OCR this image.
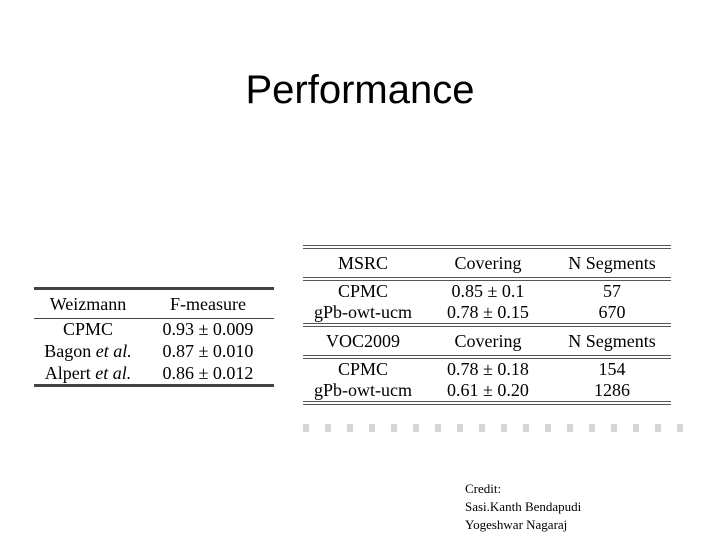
Performance
Weizmann	F-measure
CPMC	0.93 ± 0.009
Bagon et al.	0.87 ± 0.010
Alpert et al.	0.86 ± 0.012
MSRC	Covering	N Segments
CPMC	0.85 ± 0.1	57
gPb-owt-ucm	0.78 ± 0.15	670
VOC2009	Covering	N Segments
CPMC	0.78 ± 0.18	154
gPb-owt-ucm	0.61 ± 0.20	1286
Credit:
Sasi.Kanth Bendapudi
Yogeshwar Nagaraj
